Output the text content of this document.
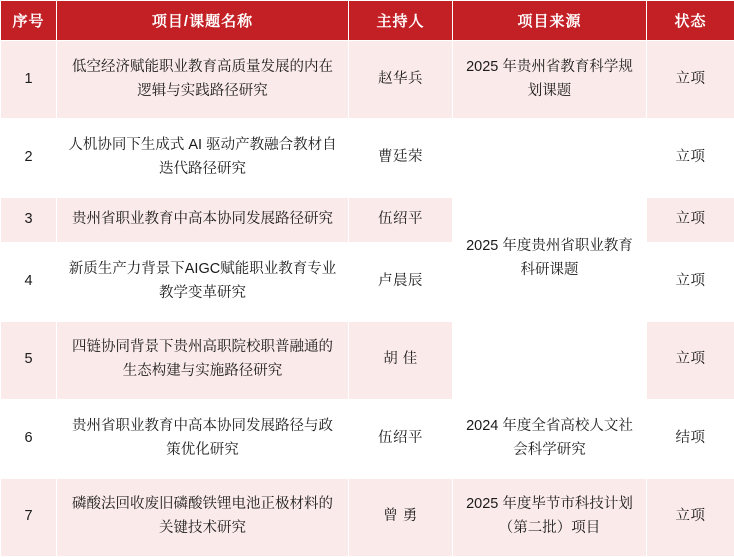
序号	项目/课题名称	主持人	项目来源	状态
1	低空经济赋能职业教育高质量发展的内在逻辑与实践路径研究	赵华兵	2025 年贵州省教育科学规划课题	立项
2	人机协同下生成式 AI 驱动产教融合教材自迭代路径研究	曹廷荣	2025 年度贵州省职业教育科研课题	立项
3	贵州省职业教育中高本协同发展路径研究	伍绍平		立项
4	新质生产力背景下AIGC赋能职业教育专业教学变革研究	卢晨辰		立项
5	四链协同背景下贵州高职院校职普融通的生态构建与实施路径研究	胡 佳		立项
6	贵州省职业教育中高本协同发展路径与政策优化研究	伍绍平	2024 年度全省高校人文社会科学研究	结项
7	磷酸法回收废旧磷酸铁锂电池正极材料的关键技术研究	曾 勇	2025 年度毕节市科技计划（第二批）项目	立项
